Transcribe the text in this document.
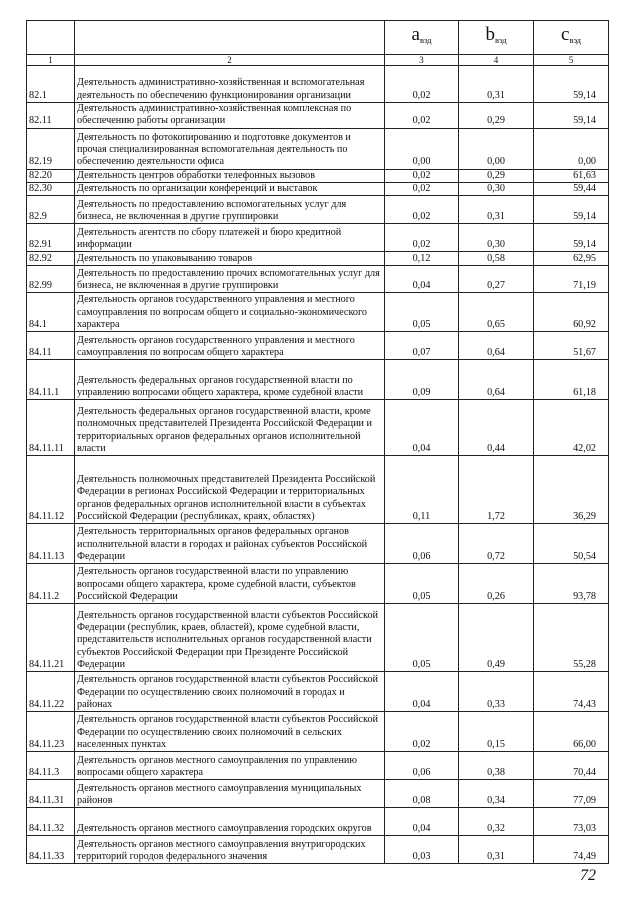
		$a_{вэд}$	$b_{вэд}$	$c_{вэд}$
1	2	3	4	5
82.1	Деятельность административно-хозяйственная и вспомогательная деятельность по обеспечению функционирования организации	0,02	0,31	59,14
82.11	Деятельность административно-хозяйственная комплексная по обеспечению работы организации	0,02	0,29	59,14
82.19	Деятельность по фотокопированию и подготовке документов и прочая специализированная вспомогательная деятельность по обеспечению деятельности офиса	0,00	0,00	0,00
82.20	Деятельность центров обработки телефонных вызовов	0,02	0,29	61,63
82.30	Деятельность по организации конференций и выставок	0,02	0,30	59,44
82.9	Деятельность по предоставлению вспомогательных услуг для бизнеса, не включенная в другие группировки	0,02	0,31	59,14
82.91	Деятельность агентств по сбору платежей и бюро кредитной информации	0,02	0,30	59,14
82.92	Деятельность по упаковыванию товаров	0,12	0,58	62,95
82.99	Деятельность по предоставлению прочих вспомогательных услуг для бизнеса, не включенная в другие группировки	0,04	0,27	71,19
84.1	Деятельность органов государственного управления и местного самоуправления по вопросам общего и социально-экономического характера	0,05	0,65	60,92
84.11	Деятельность органов государственного управления и местного самоуправления по вопросам общего характера	0,07	0,64	51,67
84.11.1	Деятельность федеральных органов государственной власти по управлению вопросами общего характера, кроме судебной власти	0,09	0,64	61,18
84.11.11	Деятельность федеральных органов государственной власти, кроме полномочных представителей Президента Российской Федерации и территориальных органов федеральных органов исполнительной власти	0,04	0,44	42,02
84.11.12	Деятельность полномочных представителей Президента Российской Федерации в регионах Российской Федерации и территориальных органов федеральных органов исполнительной власти в субъектах Российской Федерации (республиках, краях, областях)	0,11	1,72	36,29
84.11.13	Деятельность территориальных органов федеральных органов исполнительной власти в городах и районах субъектов Российской Федерации	0,06	0,72	50,54
84.11.2	Деятельность органов государственной власти по управлению вопросами общего характера, кроме судебной власти, субъектов Российской Федерации	0,05	0,26	93,78
84.11.21	Деятельность органов государственной власти субъектов Российской Федерации (республик, краев, областей), кроме судебной власти, представительств исполнительных органов государственной власти субъектов Российской Федерации при Президенте Российской Федерации	0,05	0,49	55,28
84.11.22	Деятельность органов государственной власти субъектов Российской Федерации по осуществлению своих полномочий в городах и районах	0,04	0,33	74,43
84.11.23	Деятельность органов государственной власти субъектов Российской Федерации по осуществлению своих полномочий в сельских населенных пунктах	0,02	0,15	66,00
84.11.3	Деятельность органов местного самоуправления по управлению вопросами общего характера	0,06	0,38	70,44
84.11.31	Деятельность органов местного самоуправления муниципальных районов	0,08	0,34	77,09
84.11.32	Деятельность органов местного самоуправления городских округов	0,04	0,32	73,03
84.11.33	Деятельность органов местного самоуправления внутригородских территорий городов федерального значения	0,03	0,31	74,49
72
